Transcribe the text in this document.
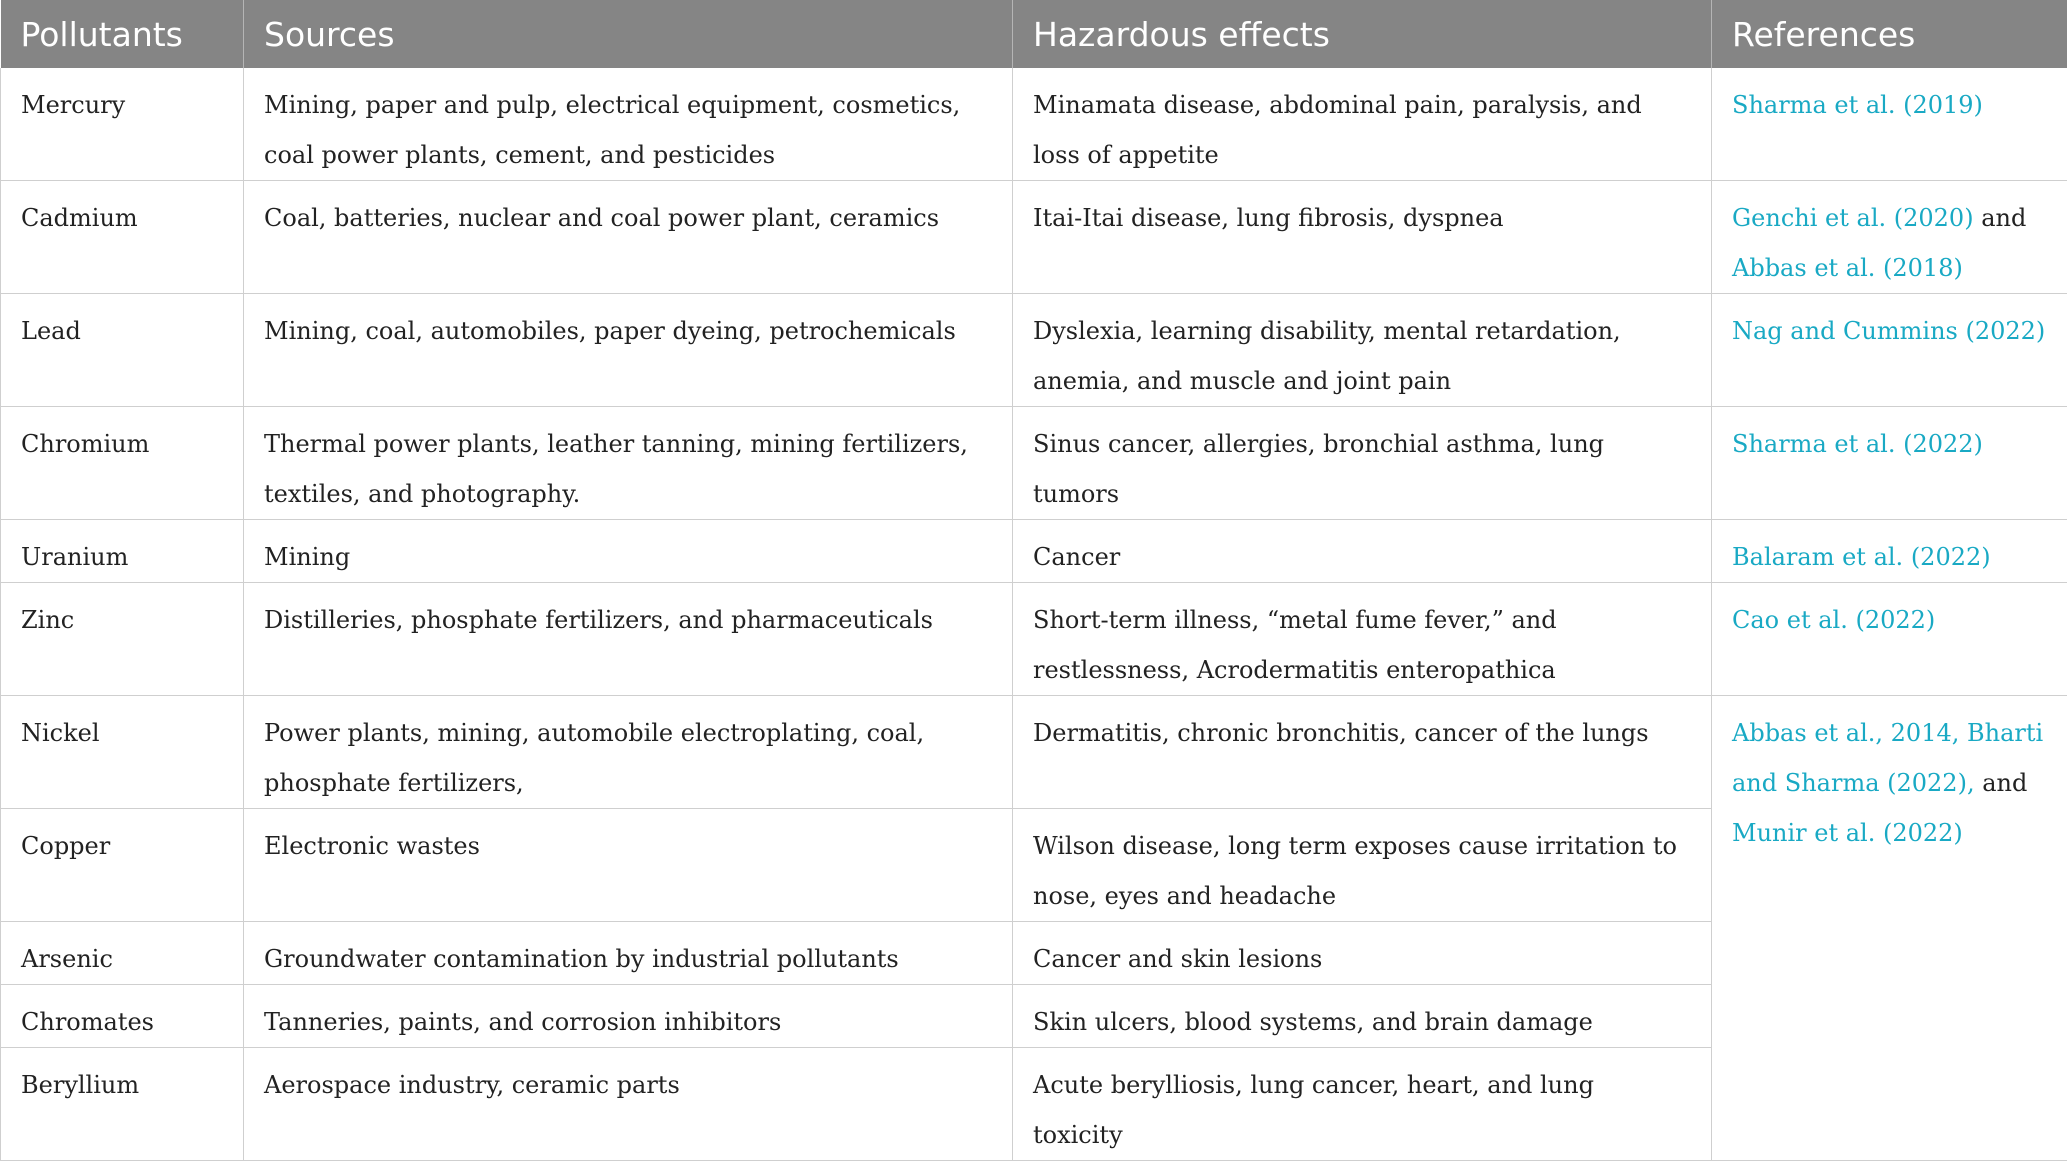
Pollutants	Sources	Hazardous effects	References
Mercury	Mining, paper and pulp, electrical equipment, cosmetics, coal power plants, cement, and pesticides	Minamata disease, abdominal pain, paralysis, and loss of appetite	Sharma et al. (2019)
Cadmium	Coal, batteries, nuclear and coal power plant, ceramics	Itai-Itai disease, lung fibrosis, dyspnea	Genchi et al. (2020) and Abbas et al. (2018)
Lead	Mining, coal, automobiles, paper dyeing, petrochemicals	Dyslexia, learning disability, mental retardation, anemia, and muscle and joint pain	Nag and Cummins (2022)
Chromium	Thermal power plants, leather tanning, mining fertilizers, textiles, and photography.	Sinus cancer, allergies, bronchial asthma, lung tumors	Sharma et al. (2022)
Uranium	Mining	Cancer	Balaram et al. (2022)
Zinc	Distilleries, phosphate fertilizers, and pharmaceuticals	Short-term illness, “metal fume fever,” and restlessness, Acrodermatitis enteropathica	Cao et al. (2022)
Nickel	Power plants, mining, automobile electroplating, coal, phosphate fertilizers,	Dermatitis, chronic bronchitis, cancer of the lungs	Abbas et al., 2014, Bharti and Sharma (2022), and Munir et al. (2022)
Copper	Electronic wastes	Wilson disease, long term exposes cause irritation to nose, eyes and headache	
Arsenic	Groundwater contamination by industrial pollutants	Cancer and skin lesions	
Chromates	Tanneries, paints, and corrosion inhibitors	Skin ulcers, blood systems, and brain damage	
Beryllium	Aerospace industry, ceramic parts	Acute berylliosis, lung cancer, heart, and lung toxicity	
